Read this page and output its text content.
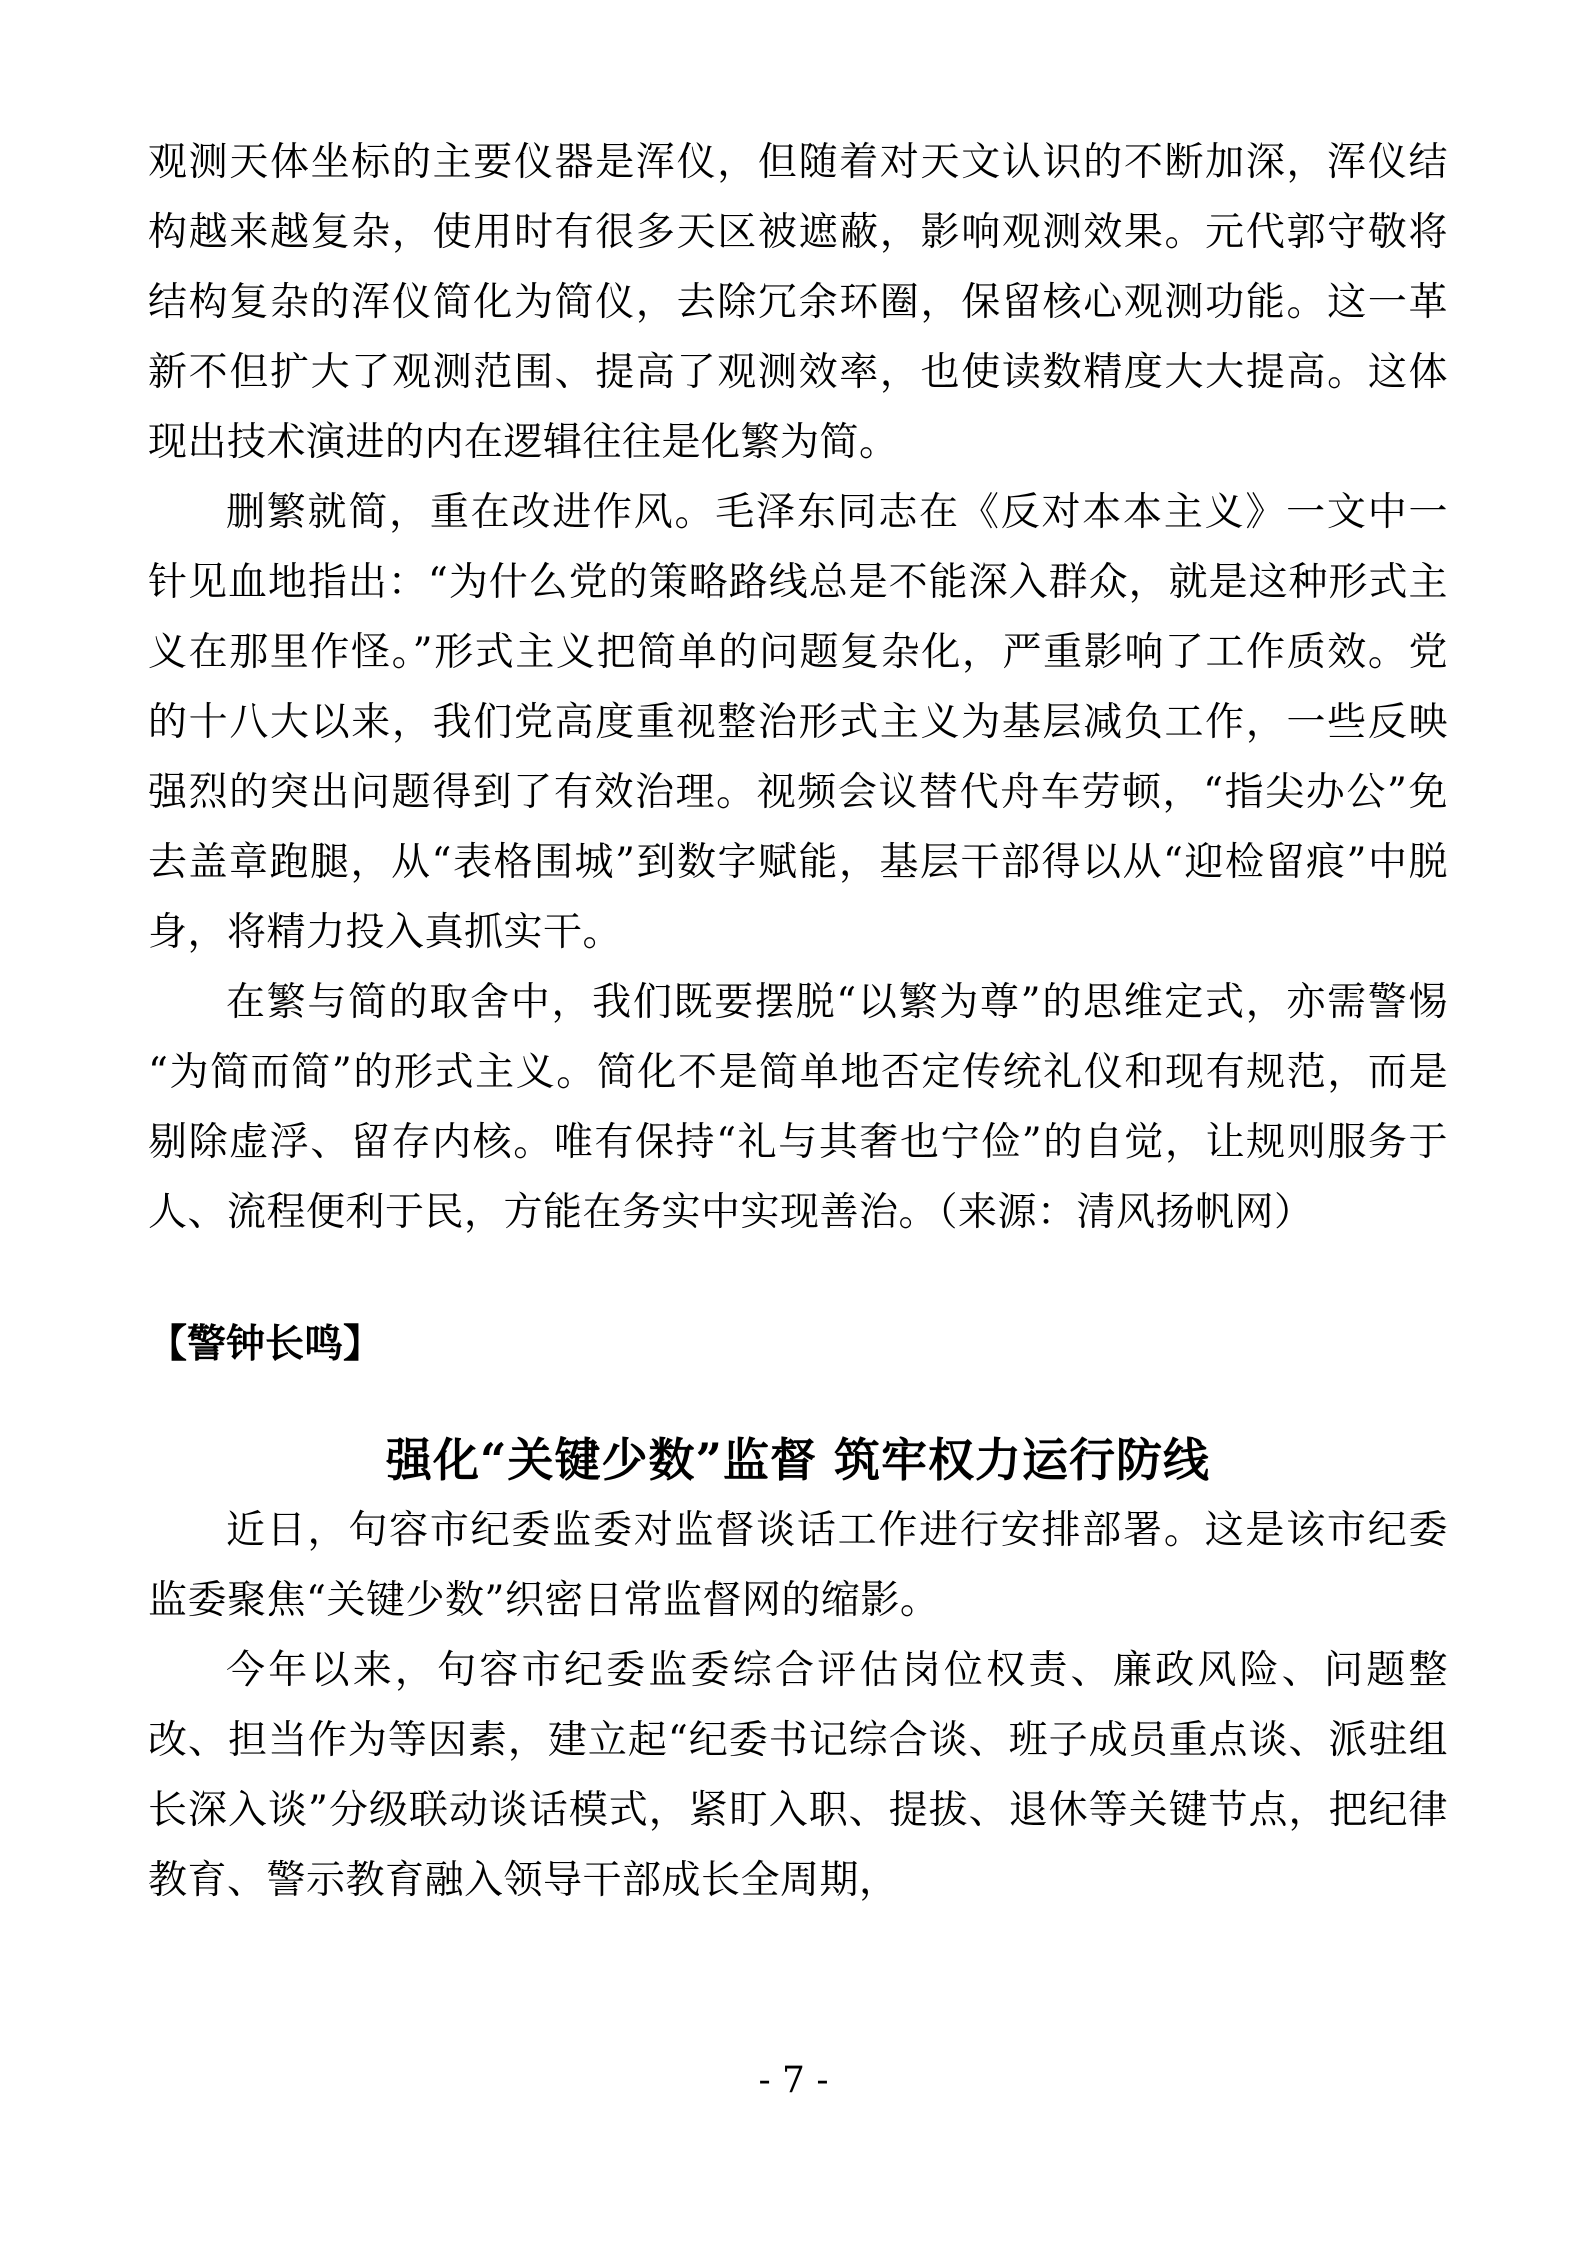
观测天体坐标的主要仪器是浑仪，但随着对天文认识的不断加深，浑仪结构越来越复杂，使用时有很多天区被遮蔽，影响观测效果。元代郭守敬将结构复杂的浑仪简化为简仪，去除冗余环圈，保留核心观测功能。这一革新不但扩大了观测范围、提高了观测效率，也使读数精度大大提高。这体现出技术演进的内在逻辑往往是化繁为简。

删繁就简，重在改进作风。毛泽东同志在《反对本本主义》一文中一针见血地指出：“为什么党的策略路线总是不能深入群众，就是这种形式主义在那里作怪。”形式主义把简单的问题复杂化，严重影响了工作质效。党的十八大以来，我们党高度重视整治形式主义为基层减负工作，一些反映强烈的突出问题得到了有效治理。视频会议替代舟车劳顿，“指尖办公”免去盖章跑腿，从“表格围城”到数字赋能，基层干部得以从“迎检留痕”中脱身，将精力投入真抓实干。

在繁与简的取舍中，我们既要摆脱“以繁为尊”的思维定式，亦需警惕“为简而简”的形式主义。简化不是简单地否定传统礼仪和现有规范，而是剔除虚浮、留存内核。唯有保持“礼与其奢也宁俭”的自觉，让规则服务于人、流程便利于民，方能在务实中实现善治。（来源：清风扬帆网）

【警钟长鸣】

强化“关键少数”监督 筑牢权力运行防线

近日，句容市纪委监委对监督谈话工作进行安排部署。这是该市纪委监委聚焦“关键少数”织密日常监督网的缩影。

今年以来，句容市纪委监委综合评估岗位权责、廉政风险、问题整改、担当作为等因素，建立起“纪委书记综合谈、班子成员重点谈、派驻组长深入谈”分级联动谈话模式，紧盯入职、提拔、退休等关键节点，把纪律教育、警示教育融入领导干部成长全周期，

- 7 -
